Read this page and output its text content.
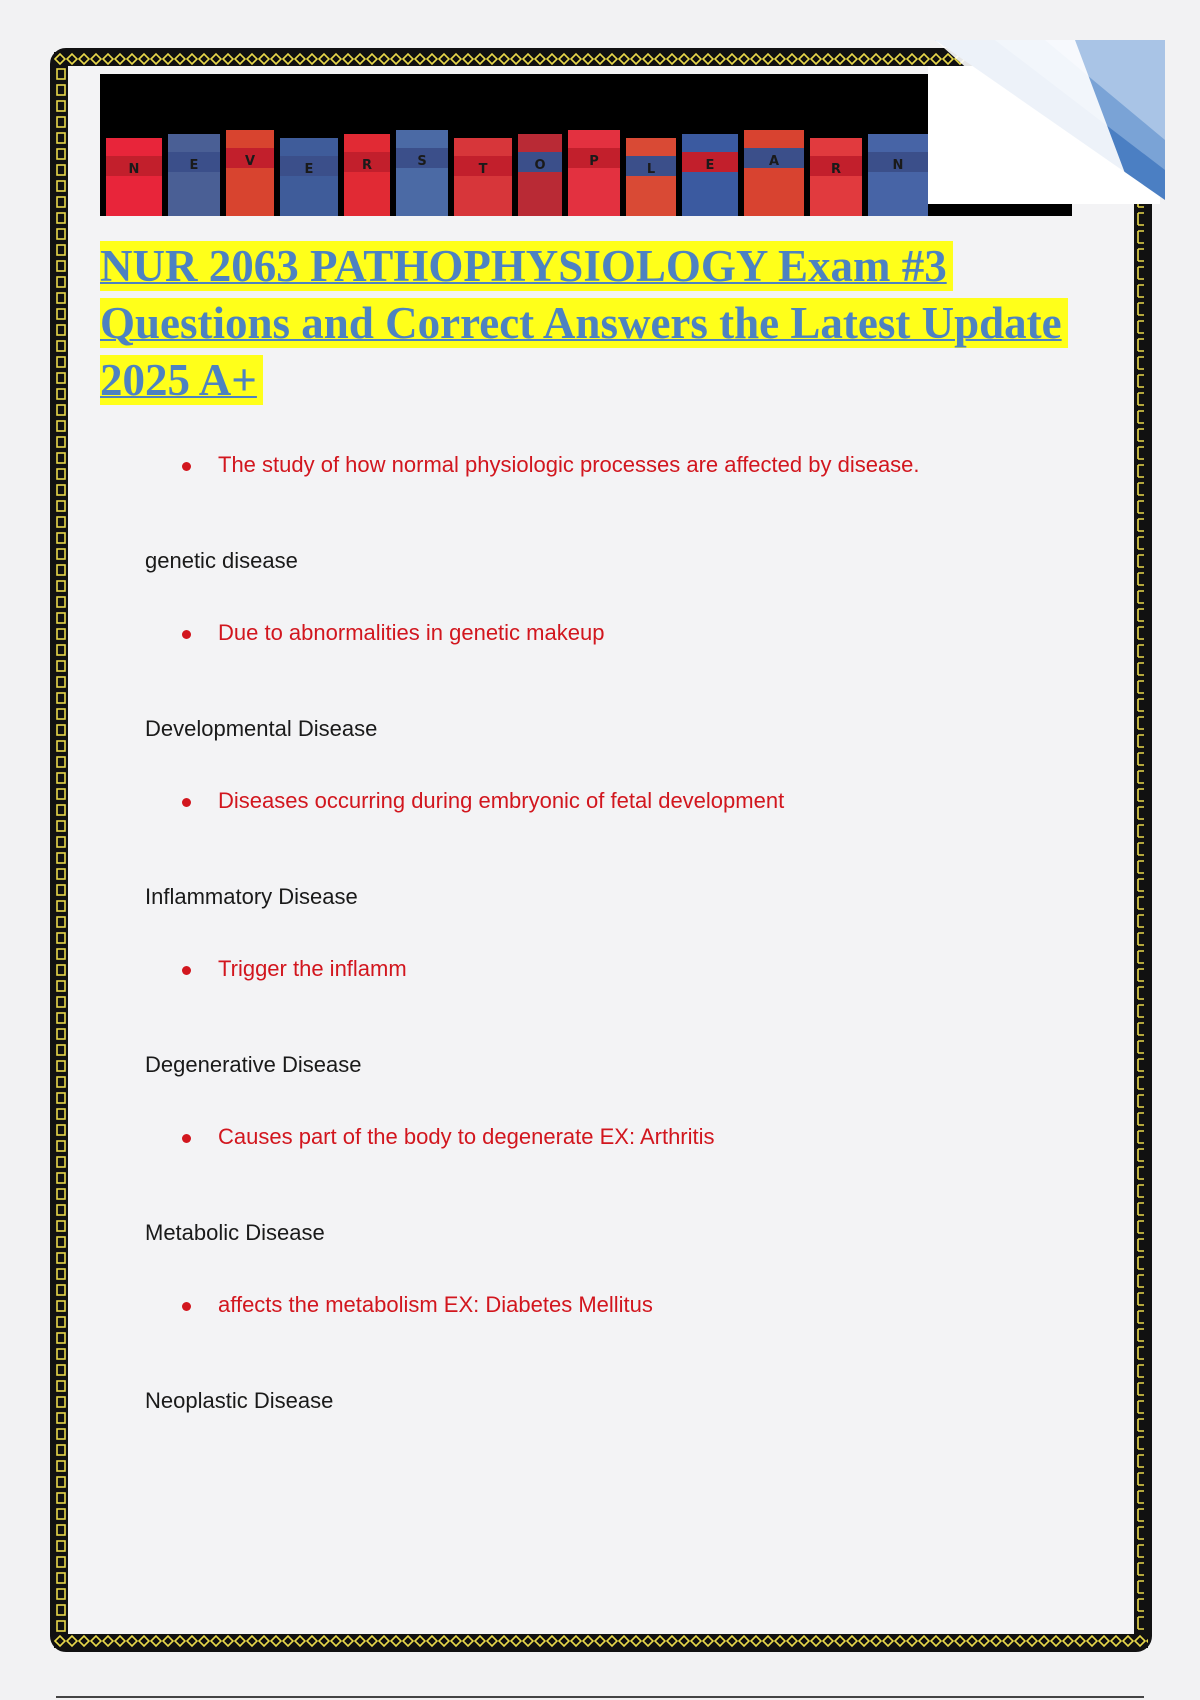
N	E	V
E	R	S
T	O	P
L	E	A
R	N
NUR 2063 PATHOPHYSIOLOGY Exam #3 Questions and Correct Answers the Latest Update 2025 A+
The study of how normal physiologic processes are affected by disease.
genetic disease
Due to abnormalities in genetic makeup
Developmental Disease
Diseases occurring during embryonic of fetal development
Inflammatory Disease
Trigger the inflamm
Degenerative Disease
Causes part of the body to degenerate EX: Arthritis
Metabolic Disease
affects the metabolism EX: Diabetes Mellitus
Neoplastic Disease
